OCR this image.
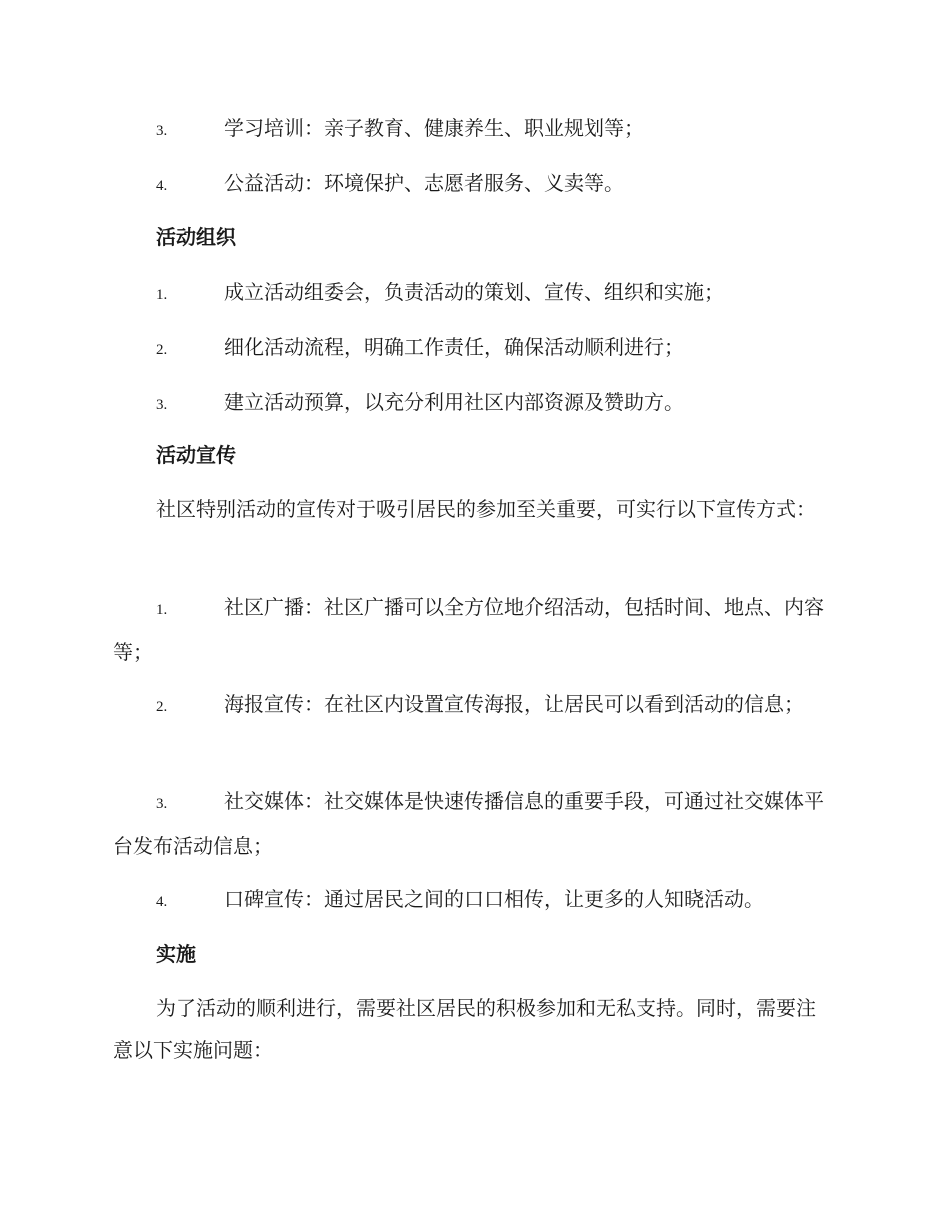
3.	学习培训：亲子教育、健康养生、职业规划等；
4.	公益活动：环境保护、志愿者服务、义卖等。
活动组织
1.	成立活动组委会，负责活动的策划、宣传、组织和实施；
2.	细化活动流程，明确工作责任，确保活动顺利进行；
3.	建立活动预算，以充分利用社区内部资源及赞助方。
活动宣传
社区特别活动的宣传对于吸引居民的参加至关重要，可实行以下宣传方式：
1.	社区广播：社区广播可以全方位地介绍活动，包括时间、地点、内容等；
2.	海报宣传：在社区内设置宣传海报，让居民可以看到活动的信息；
3.	社交媒体：社交媒体是快速传播信息的重要手段，可通过社交媒体平台发布活动信息；
4.	口碑宣传：通过居民之间的口口相传，让更多的人知晓活动。
实施
为了活动的顺利进行，需要社区居民的积极参加和无私支持。同时，需要注意以下实施问题：
